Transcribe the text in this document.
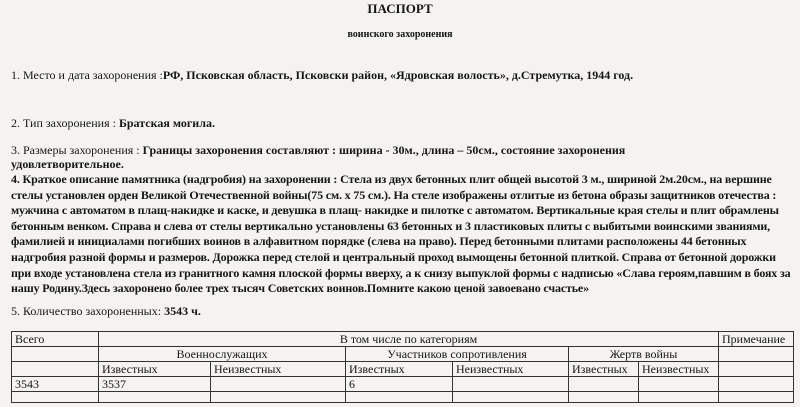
ПАСПОРТ
воинского захоронения
1. Место и дата захоронения :РФ, Псковская область, Псковски район, «Ядровская волость», д.Стремутка, 1944 год.
2. Тип захоронения : Братская могила.
3. Размеры захоронения : Границы захоронения составляют : ширина - 30м., длина – 50см., состояние захоронения
удовлетворительное.
4. Краткое описание памятника (надгробия) на захоронении : Стела из двух бетонных плит общей высотой 3 м., шириной 2м.20см., на вершине стелы установлен орден Великой Отечественной войны(75 см. х 75 см.). На стеле изображены отлитые из бетона образы защитников отечества : мужчина с автоматом в плащ-накидке и каске, и девушка в плащ- накидке и пилотке с автоматом. Вертикальные края стелы и плит обрамлены бетонным венком. Справа и слева от стелы вертикально установлены 63 бетонных и 3 пластиковых плиты с выбитыми воинскими званиями, фамилией и инициалами погибших воинов в алфавитном порядке (слева на право). Перед бетонными плитами расположены 44 бетонных надгробия разной формы и размеров. Дорожка перед стелой и центральный проход вымощены бетонной плиткой. Справа от бетонной дорожки при входе установлена стела из гранитного камня плоской формы вверху, а к снизу выпуклой формы с надписью «Слава героям,павшим в боях за нашу Родину.Здесь захоронено более трех тысяч Советских воинов.Помните какою ценой завоевано счастье»
5. Количество захороненных: 3543 ч.
Всего	В том числе по категориям						Примечание
	Военнослужащих		Участников сопротивления		Жертв войны		
	Известных	Неизвестных	Известных	Неизвестных	Известных	Неизвестных	
3543	3537		6				
